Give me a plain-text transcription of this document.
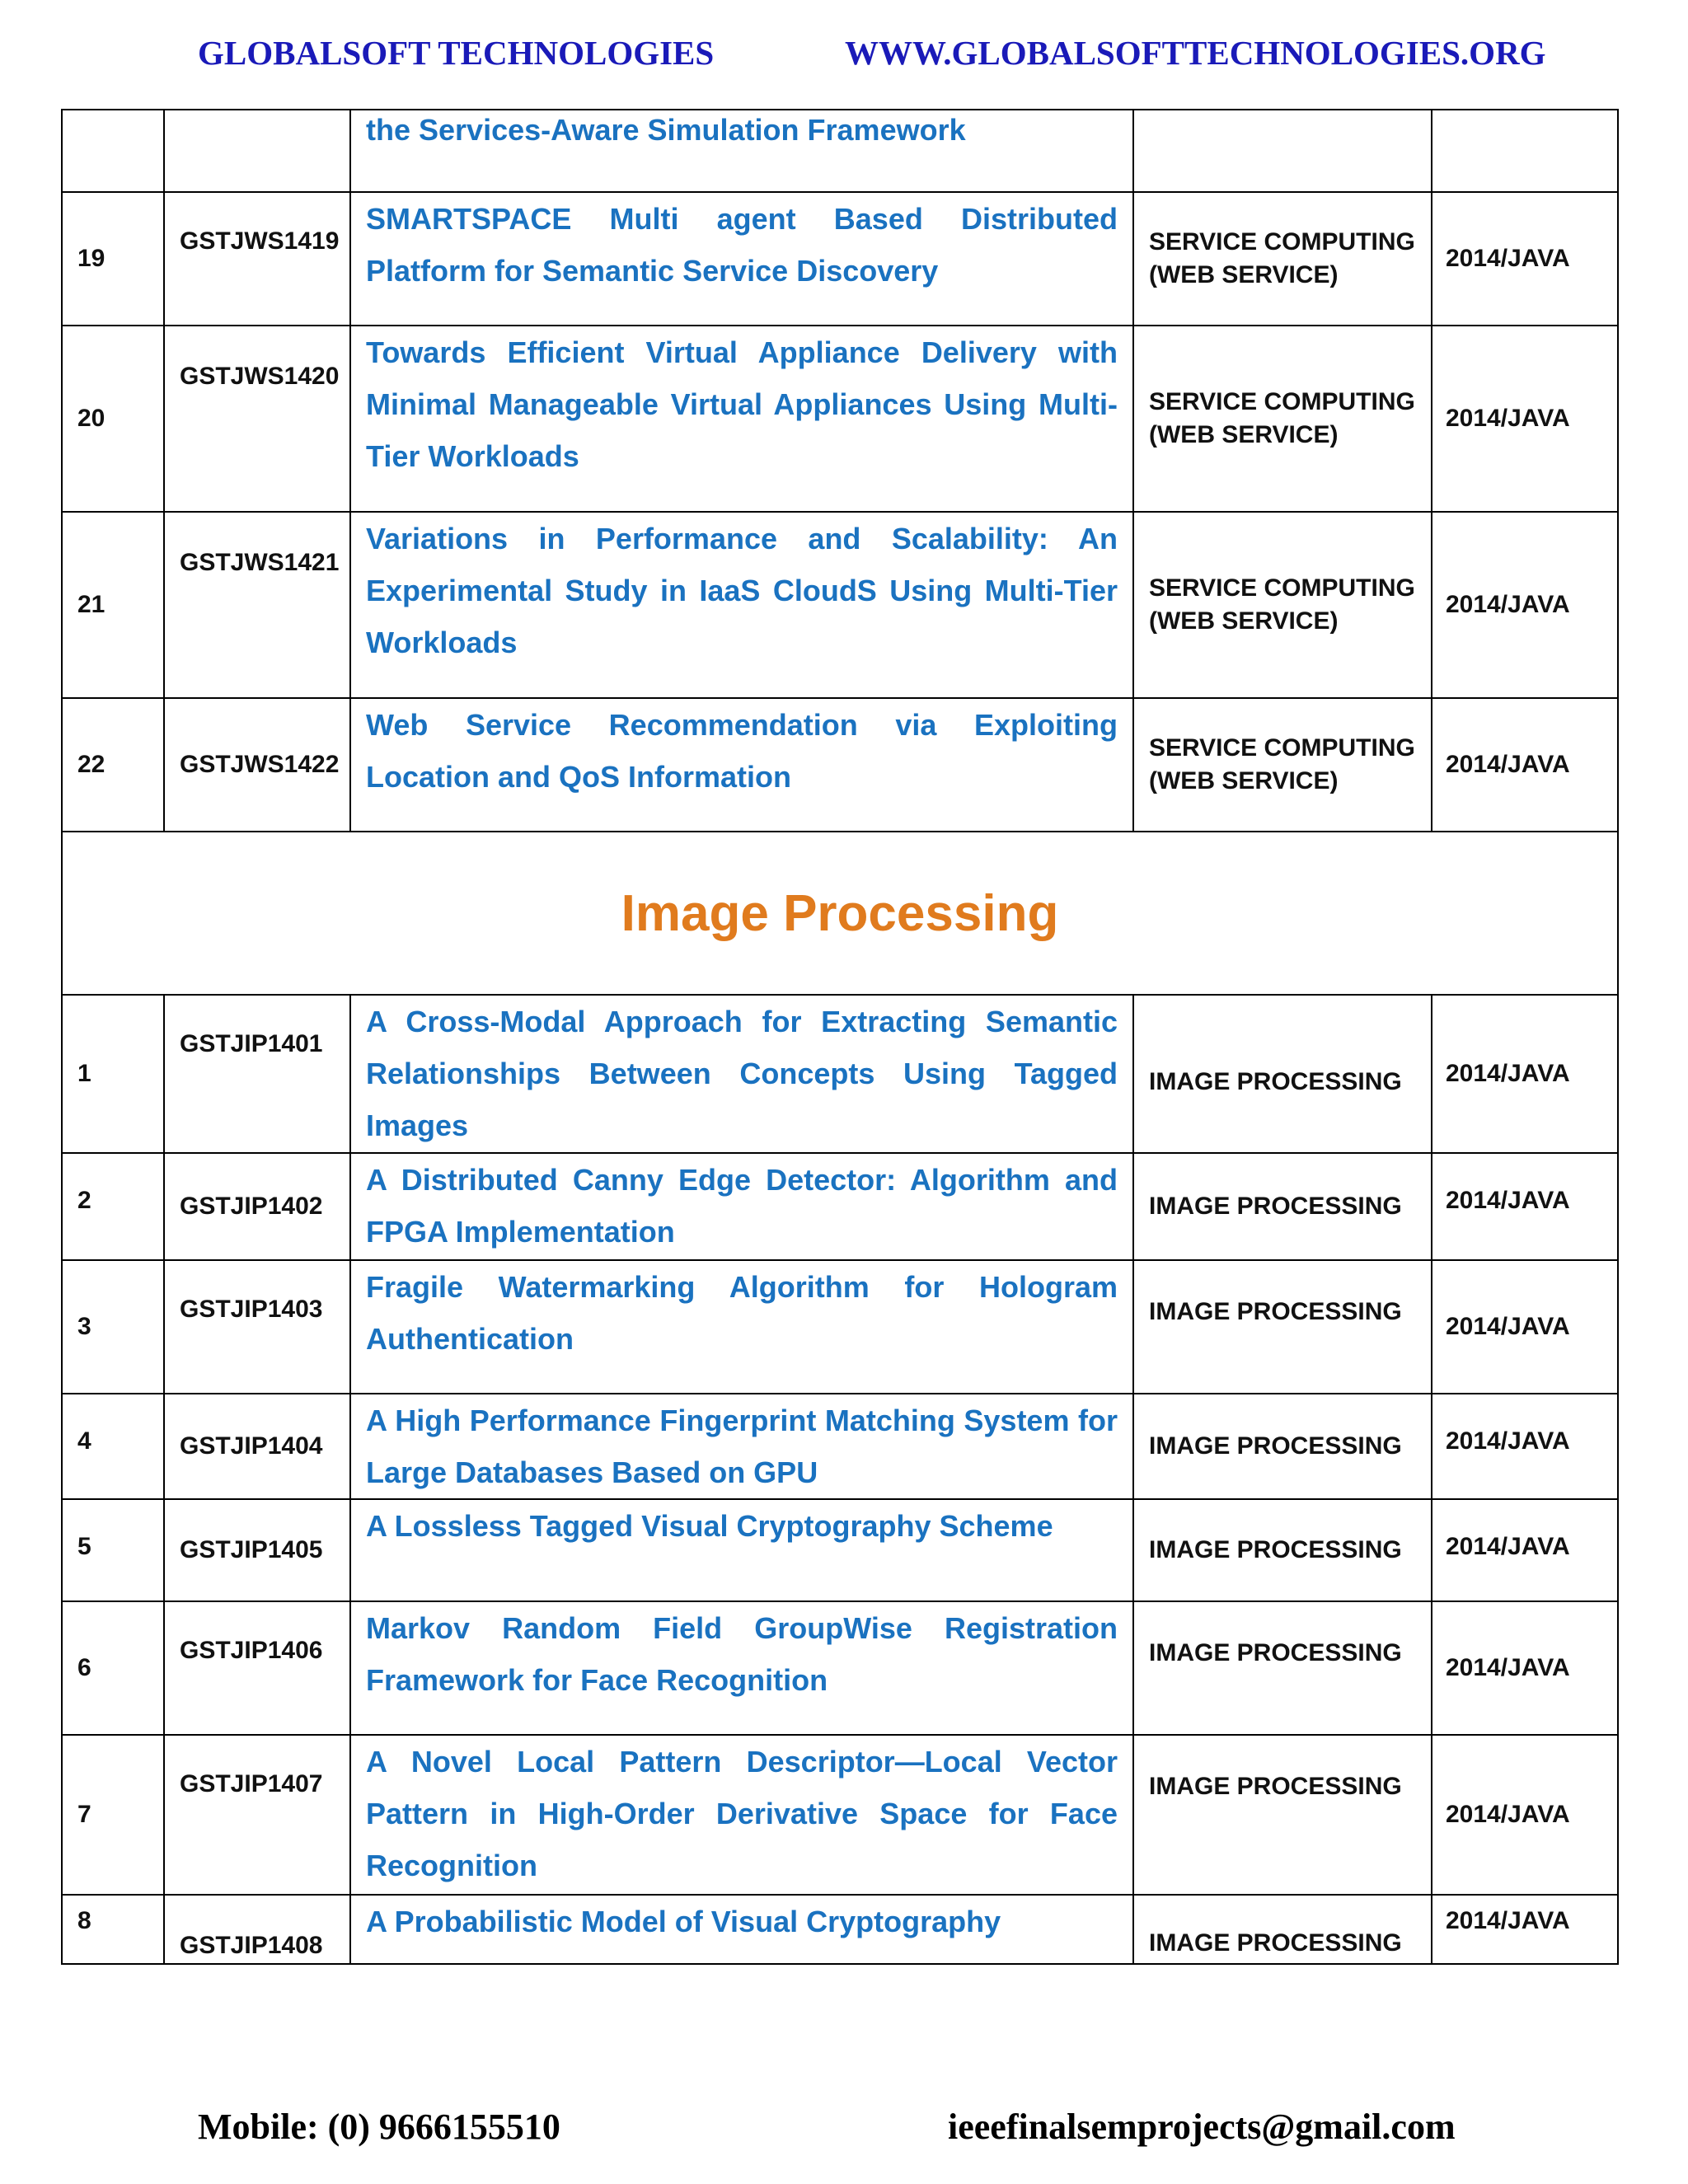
GLOBALSOFT TECHNOLOGIES	WWW.GLOBALSOFTTECHNOLOGIES.ORG
		the Services-Aware Simulation Framework		
19	GSTJWS1419	SMARTSPACE Multi agent Based Distributed Platform for Semantic Service Discovery	SERVICE COMPUTING (WEB SERVICE)	2014/JAVA
20	GSTJWS1420	Towards Efficient Virtual Appliance Delivery with Minimal Manageable Virtual Appliances Using Multi-Tier Workloads	SERVICE COMPUTING (WEB SERVICE)	2014/JAVA
21	GSTJWS1421	Variations in Performance and Scalability: An Experimental Study in IaaS CloudS Using Multi-Tier Workloads	SERVICE COMPUTING (WEB SERVICE)	2014/JAVA
22	GSTJWS1422	Web Service Recommendation via Exploiting Location and QoS Information	SERVICE COMPUTING (WEB SERVICE)	2014/JAVA
Image Processing				
1	GSTJIP1401	A Cross-Modal Approach for Extracting Semantic Relationships Between Concepts Using Tagged Images	IMAGE PROCESSING	2014/JAVA
2	GSTJIP1402	A Distributed Canny Edge Detector: Algorithm and FPGA Implementation	IMAGE PROCESSING	2014/JAVA
3	GSTJIP1403	Fragile Watermarking Algorithm for Hologram Authentication	IMAGE PROCESSING	2014/JAVA
4	GSTJIP1404	A High Performance Fingerprint Matching System for Large Databases Based on GPU	IMAGE PROCESSING	2014/JAVA
5	GSTJIP1405	A Lossless Tagged Visual Cryptography Scheme	IMAGE PROCESSING	2014/JAVA
6	GSTJIP1406	Markov Random Field GroupWise Registration Framework for Face Recognition	IMAGE PROCESSING	2014/JAVA
7	GSTJIP1407	A Novel Local Pattern Descriptor—Local Vector Pattern in High-Order Derivative Space for Face Recognition	IMAGE PROCESSING	2014/JAVA
8	GSTJIP1408	A Probabilistic Model of Visual Cryptography	IMAGE PROCESSING	2014/JAVA
Mobile: (0) 9666155510	ieeefinalsemprojects@gmail.com
